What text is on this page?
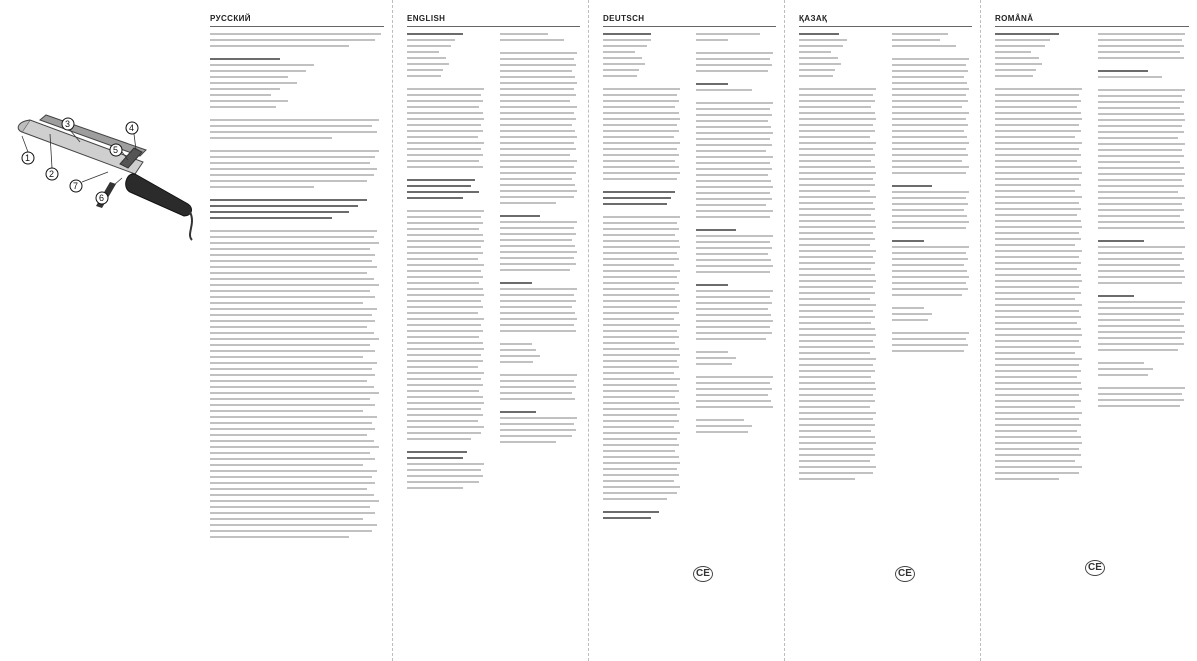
РУССКИЙ
1
2
3	4
5
6
7
ENGLISH	DEUTSCH
CE
ҚАЗАҚ
CE
ROMÂNĂ
CE
